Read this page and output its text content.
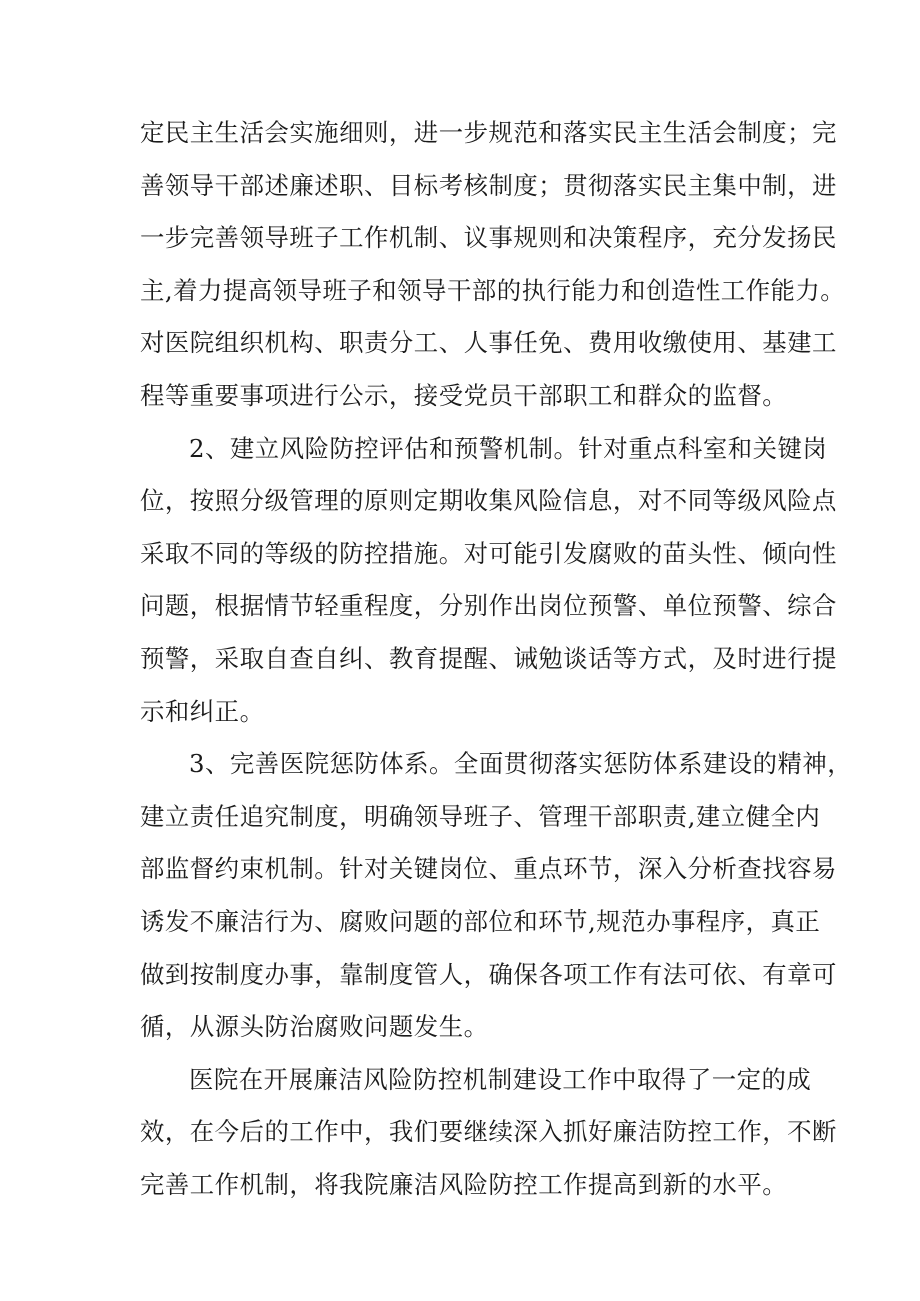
定民主生活会实施细则，进一步规范和落实民主生活会制度；完
善领导干部述廉述职、目标考核制度；贯彻落实民主集中制，进
一步完善领导班子工作机制、议事规则和决策程序，充分发扬民
主,着力提高领导班子和领导干部的执行能力和创造性工作能力。
对医院组织机构、职责分工、人事任免、费用收缴使用、基建工
程等重要事项进行公示，接受党员干部职工和群众的监督。
2、建立风险防控评估和预警机制。针对重点科室和关键岗
位，按照分级管理的原则定期收集风险信息，对不同等级风险点
采取不同的等级的防控措施。对可能引发腐败的苗头性、倾向性
问题，根据情节轻重程度，分别作出岗位预警、单位预警、综合
预警，采取自查自纠、教育提醒、诫勉谈话等方式，及时进行提
示和纠正。
3、完善医院惩防体系。全面贯彻落实惩防体系建设的精神，
建立责任追究制度，明确领导班子、管理干部职责,建立健全内
部监督约束机制。针对关键岗位、重点环节，深入分析查找容易
诱发不廉洁行为、腐败问题的部位和环节,规范办事程序，真正
做到按制度办事，靠制度管人，确保各项工作有法可依、有章可
循，从源头防治腐败问题发生。
医院在开展廉洁风险防控机制建设工作中取得了一定的成
效，在今后的工作中，我们要继续深入抓好廉洁防控工作，不断
完善工作机制，将我院廉洁风险防控工作提高到新的水平。
